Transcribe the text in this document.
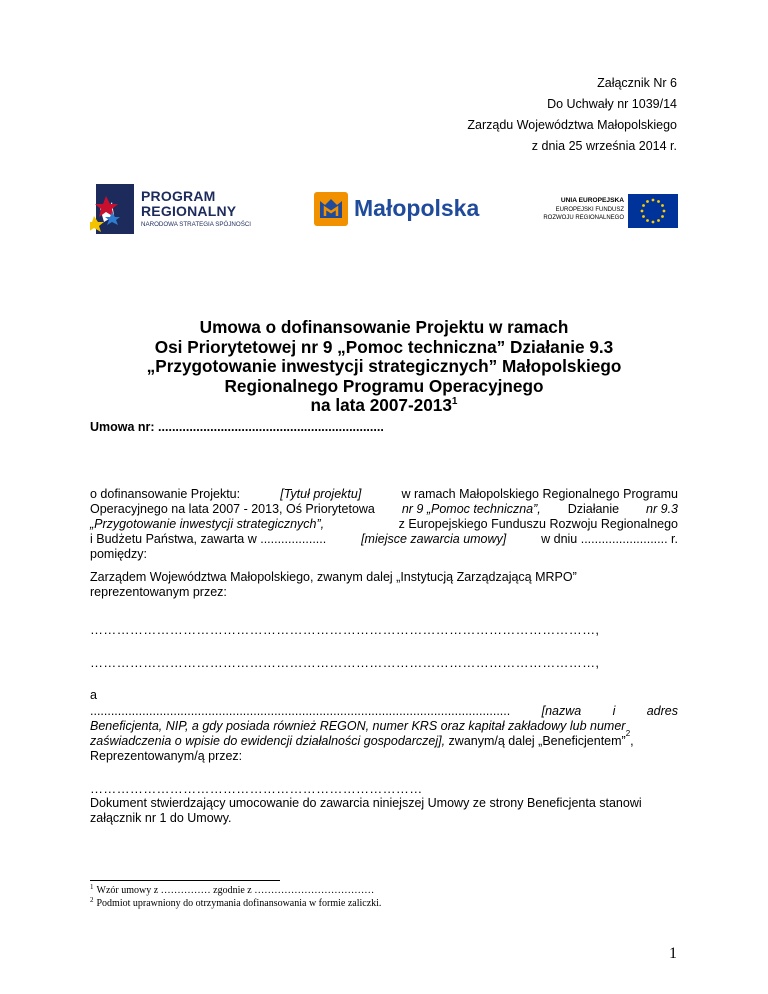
Załącznik Nr 6
Do Uchwały nr 1039/14
Zarządu Województwa Małopolskiego
z dnia 25 września 2014 r.
PROGRAM
REGIONALNY
NARODOWA STRATEGIA SPÓJNOŚCI
Małopolska	UNIA EUROPEJSKA
EUROPEJSKI FUNDUSZ
ROZWOJU REGIONALNEGO
Umowa o dofinansowanie Projektu w ramach
Osi Priorytetowej nr 9 „Pomoc techniczna” Działanie 9.3
„Przygotowanie inwestycji strategicznych” Małopolskiego
Regionalnego Programu Operacyjnego
na lata 2007-2013$^1$
Umowa nr: .................................................................
o dofinansowanie Projektu:	[Tytuł projektu]	w ramach Małopolskiego Regionalnego Programu
Operacyjnego na lata 2007 - 2013, Oś Priorytetowa nr 9 „Pomoc techniczna”, Działanie nr 9.3
„Przygotowanie inwestycji strategicznych”,	z Europejskiego Funduszu Rozwoju Regionalnego
i Budżetu Państwa, zawarta w ...................	[miejsce zawarcia umowy]	w dniu ......................... r.
pomiędzy:
Zarządem Województwa Małopolskiego, zwanym dalej „Instytucją Zarządzającą MRPO”
reprezentowanym przez:
……………………………………………………………………………………………………,
……………………………………………………………………………………………………,
a
.........................................................................................................................	[nazwa	i	adres
Beneficjenta, NIP, a gdy posiada również REGON, numer KRS oraz kapitał zakładowy lub numer
zaświadczenia o wpisie do ewidencji działalności gospodarczej],
zwanym/ą dalej „Beneficjentem”
2
,
Reprezentowanym/ą przez:
…………………………………………………………………
Dokument stwierdzający umocowanie do zawarcia niniejszej Umowy ze strony Beneficjenta stanowi
załącznik nr 1 do Umowy.
$^1$ Wzór umowy z …………… zgodnie z ………………………………
$^2$ Podmiot uprawniony do otrzymania dofinansowania w formie zaliczki.
1
